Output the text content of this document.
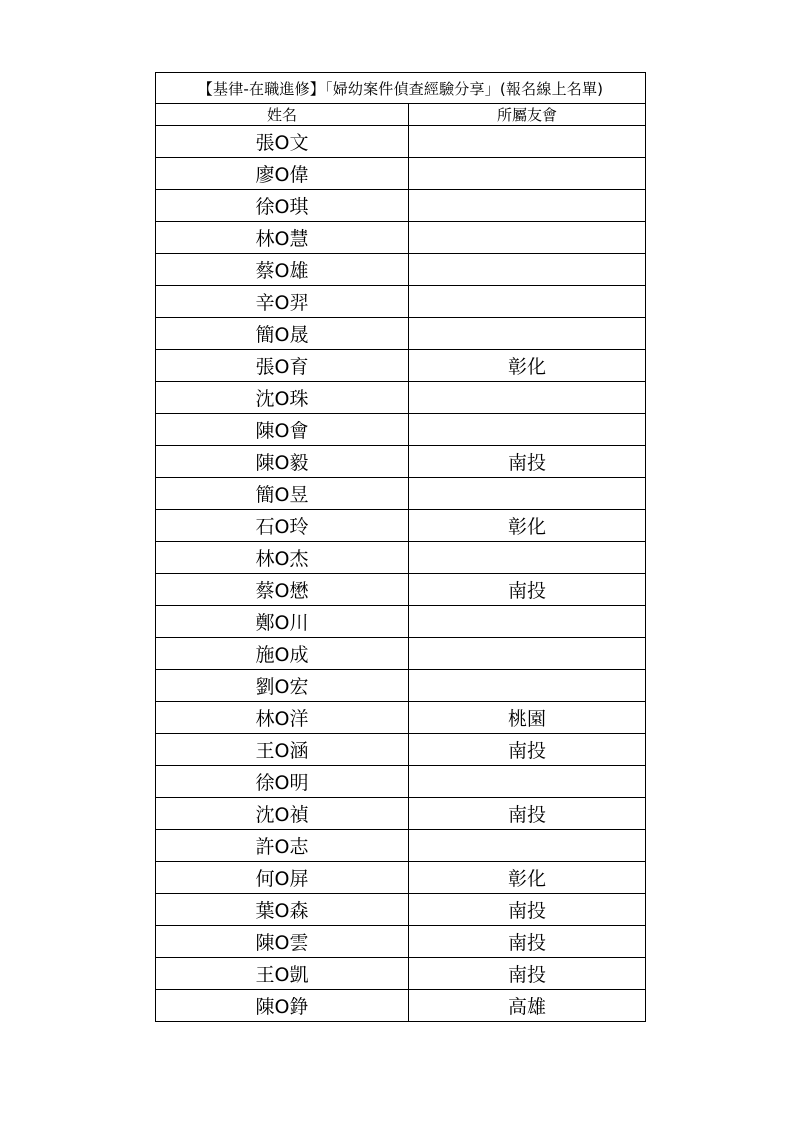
【基律-在職進修】「婦幼案件偵查經驗分享」(報名線上名單)	
姓名	所屬友會
張O文	
廖O偉	
徐O琪	
林O慧	
蔡O雄	
辛O羿	
簡O晟	
張O育	彰化
沈O珠	
陳O會	
陳O毅	南投
簡O昱	
石O玲	彰化
林O杰	
蔡O懋	南投
鄭O川	
施O成	
劉O宏	
林O洋	桃園
王O涵	南投
徐O明	
沈O禎	南投
許O志	
何O屏	彰化
葉O森	南投
陳O雲	南投
王O凱	南投
陳O錚	高雄
